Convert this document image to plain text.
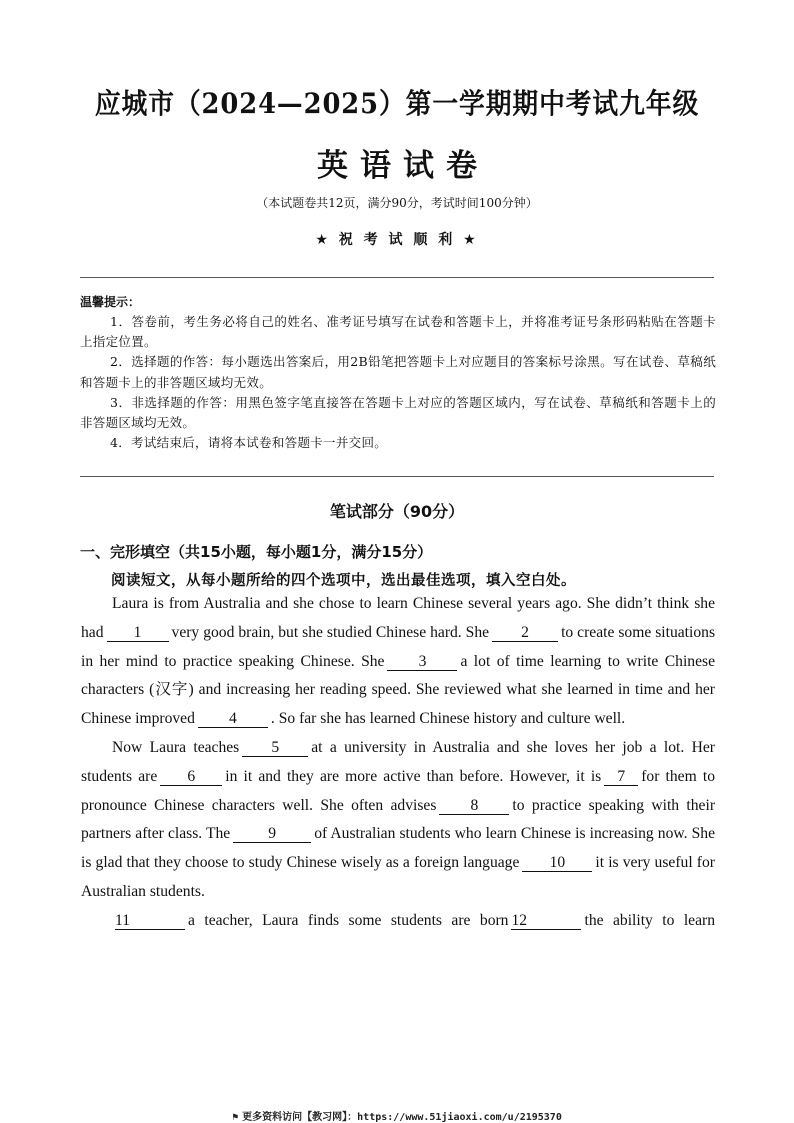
应城市（2024—2025）第一学期期中考试九年级
英语试卷
（本试题卷共12页，满分90分，考试时间100分钟）
★ 祝 考 试 顺 利 ★
温馨提示：
1．答卷前，考生务必将自己的姓名、准考证号填写在试卷和答题卡上，并将准考证号条形码粘贴在答题卡上指定位置。
2．选择题的作答：每小题选出答案后，用2B铅笔把答题卡上对应题目的答案标号涂黑。写在试卷、草稿纸和答题卡上的非答题区域均无效。
3．非选择题的作答：用黑色签字笔直接答在答题卡上对应的答题区域内，写在试卷、草稿纸和答题卡上的非答题区域均无效。
4．考试结束后，请将本试卷和答题卡一并交回。
笔试部分（90分）
一、完形填空（共15小题，每小题1分，满分15分）
阅读短文，从每小题所给的四个选项中，选出最佳选项，填入空白处。

Laura is from Australia and she chose to learn Chinese several years ago. She didn’t think she had 1 very good brain, but she studied Chinese hard. She 2 to create some situations in her mind to practice speaking Chinese. She 3 a lot of time learning to write Chinese characters (汉字) and increasing her reading speed. She reviewed what she learned in time and her Chinese improved 4 . So far she has learned Chinese history and culture well.

Now Laura teaches 5 at a university in Australia and she loves her job a lot. Her students are 6 in it and they are more active than before. However, it is 7 for them to pronounce Chinese characters well. She often advises 8 to practice speaking with their partners after class. The 9 of Australian students who learn Chinese is increasing now. She is glad that they choose to study Chinese wisely as a foreign language 10 it is very useful for Australian students.

11	a teacher, Laura finds some students are born 12	the ability to learn

⚑ 更多资料访问【教习网】：https://www.51jiaoxi.com/u/2195370
